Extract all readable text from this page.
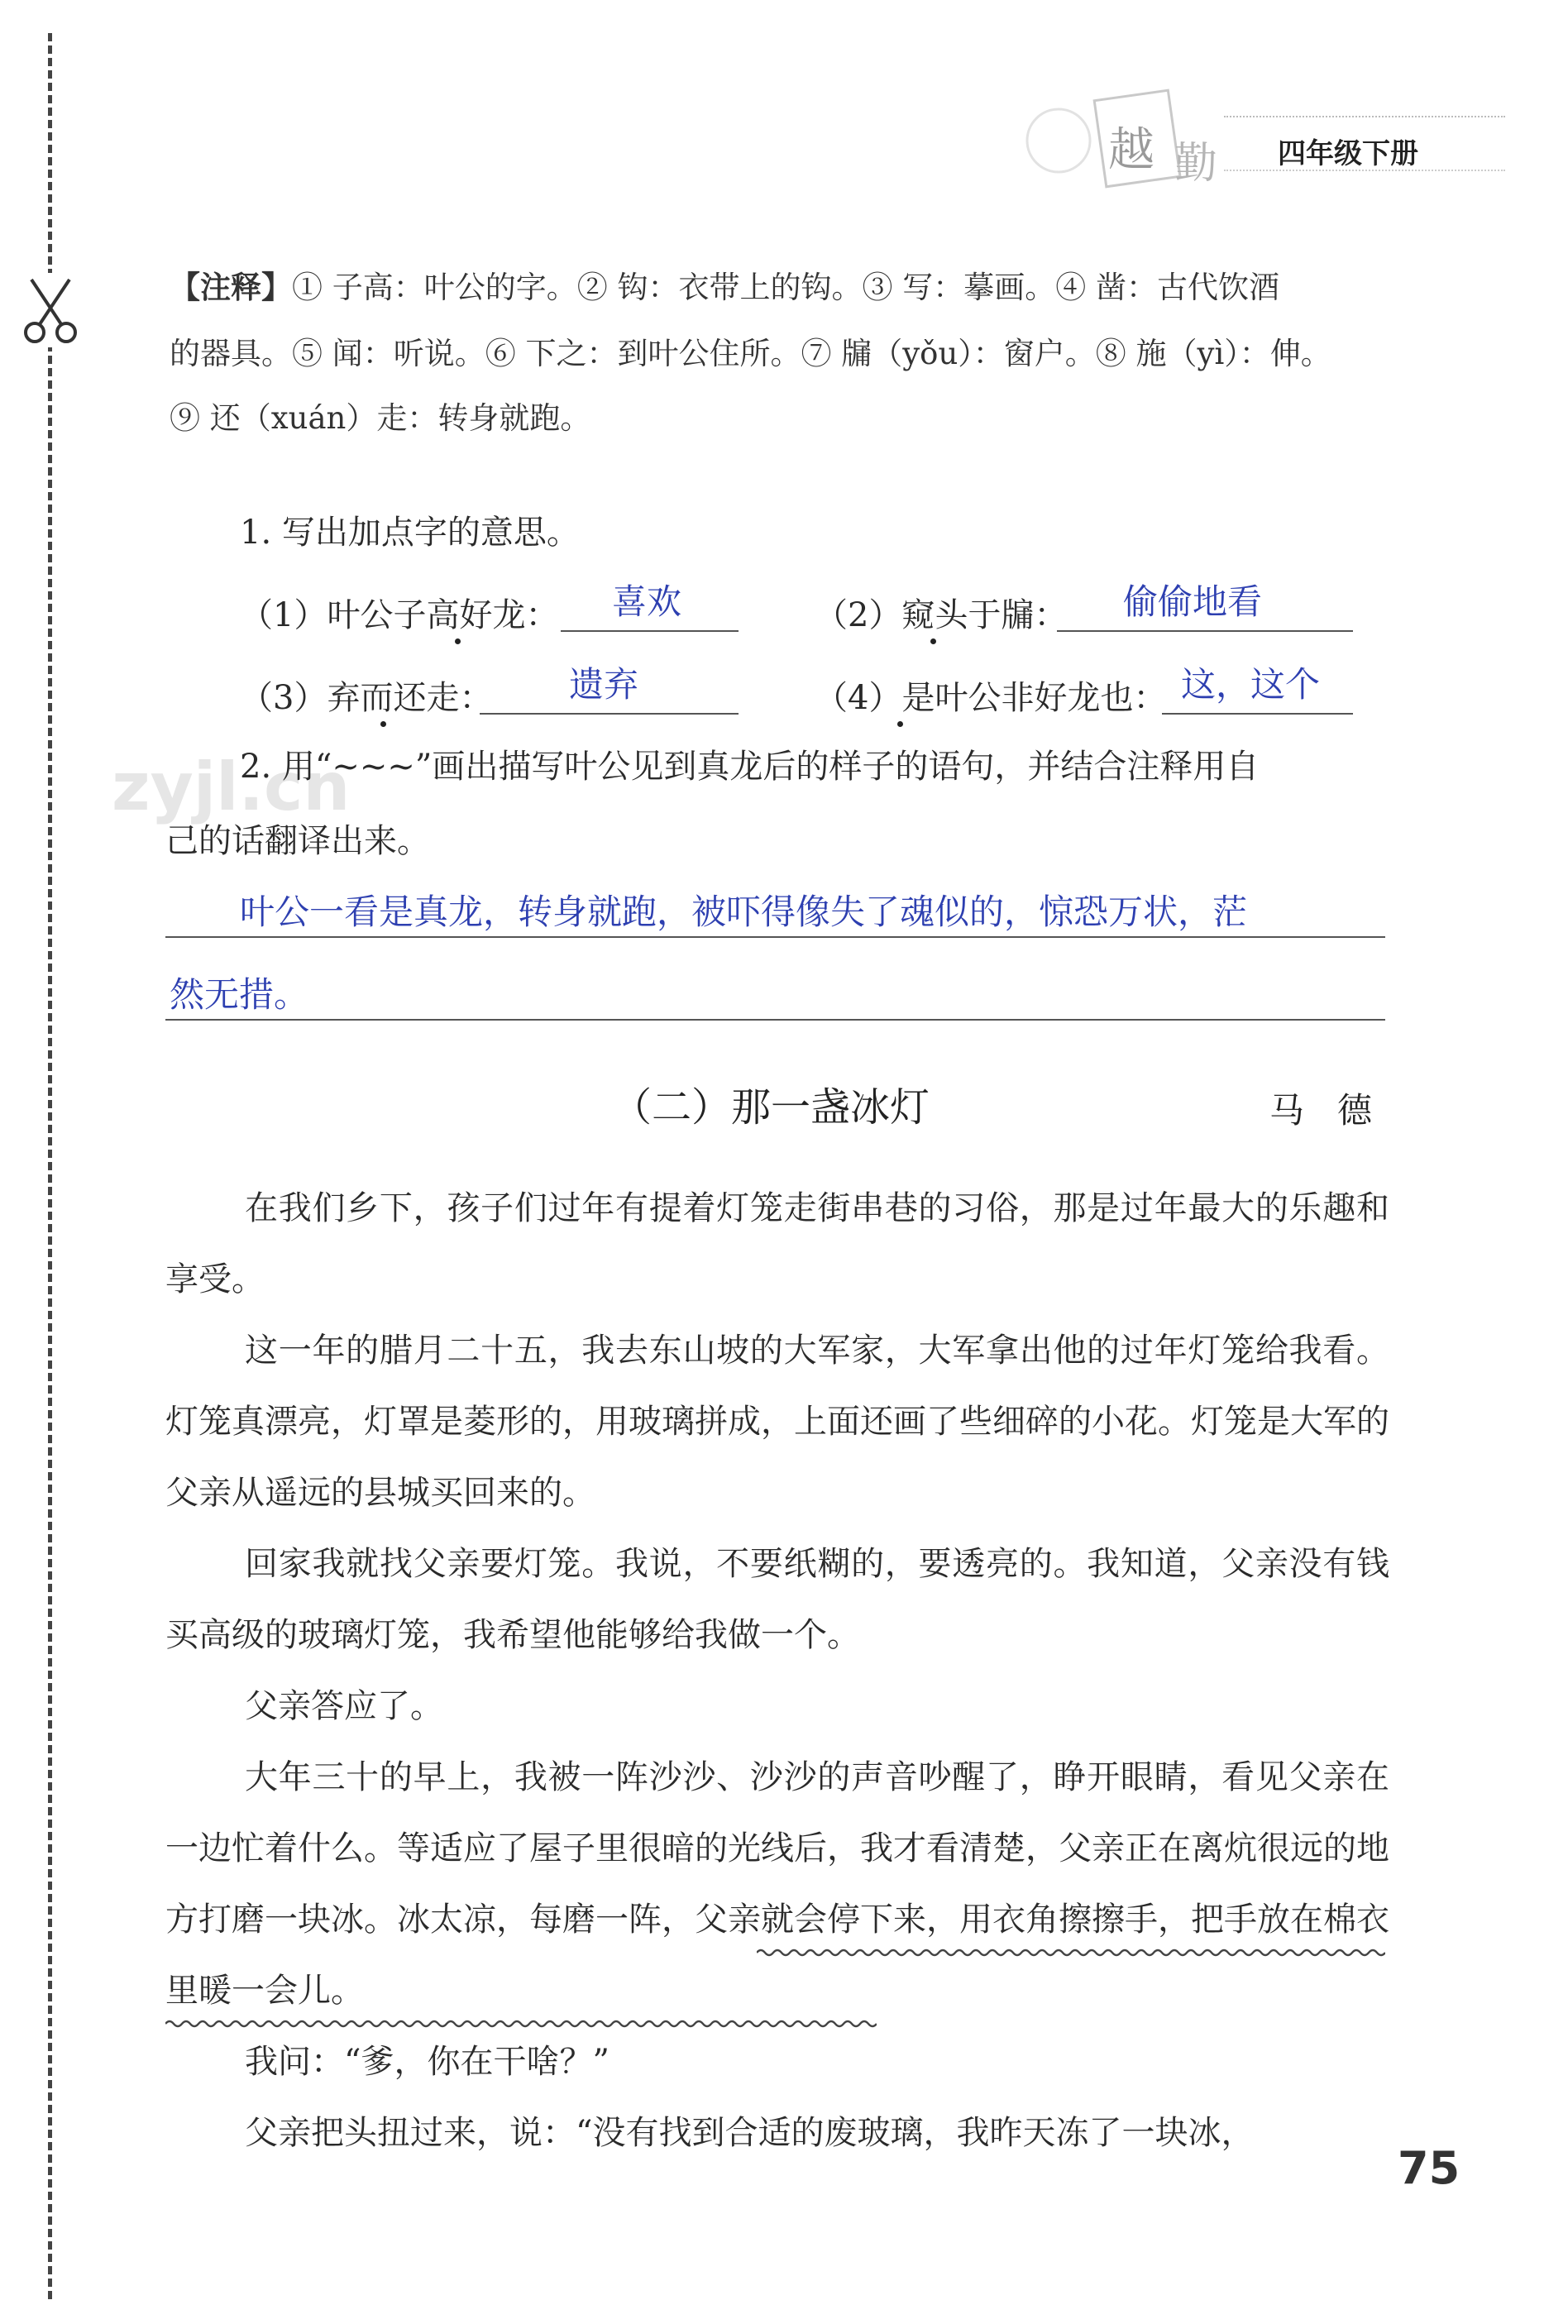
越 勤 四年级下册
【注释】① 子高：叶公的字。② 钩：衣带上的钩。③ 写：摹画。④ 凿：古代饮酒
的器具。⑤ 闻：听说。⑥ 下之：到叶公住所。⑦ 牖（yǒu）：窗户。⑧ 施（yì）：伸。
⑨ 还（xuán）走：转身就跑。
1. 写出加点字的意思。
（1）叶公子高好龙： 喜欢	（2）窥头于牖： 偷偷地看
（3）弃而还走： 遗弃	（4）是叶公非好龙也： 这，这个
zyjl.cn
2. 用“~~~”画出描写叶公见到真龙后的样子的语句，并结合注释用自
己的话翻译出来。
叶公一看是真龙，转身就跑，被吓得像失了魂似的，惊恐万状，茫
然无措。
（二）那一盏冰灯	马德
在我们乡下，孩子们过年有提着灯笼走街串巷的习俗，那是过年最大的乐趣和享受。
这一年的腊月二十五，我去东山坡的大军家，大军拿出他的过年灯笼给我看。灯笼真漂亮，灯罩是菱形的，用玻璃拼成，上面还画了些细碎的小花。灯笼是大军的父亲从遥远的县城买回来的。
回家我就找父亲要灯笼。我说，不要纸糊的，要透亮的。我知道，父亲没有钱买高级的玻璃灯笼，我希望他能够给我做一个。
父亲答应了。
大年三十的早上，我被一阵沙沙、沙沙的声音吵醒了，睁开眼睛，看见父亲在一边忙着什么。等适应了屋子里很暗的光线后，我才看清楚，父亲正在离炕很远的地方打磨一块冰。冰太凉，每磨一阵，父亲就会停下来，用衣角擦擦手，把手放在棉衣里暖一会儿。
我问：“爹，你在干啥？”
父亲把头扭过来，说：“没有找到合适的废玻璃，我昨天冻了一块冰，
75
